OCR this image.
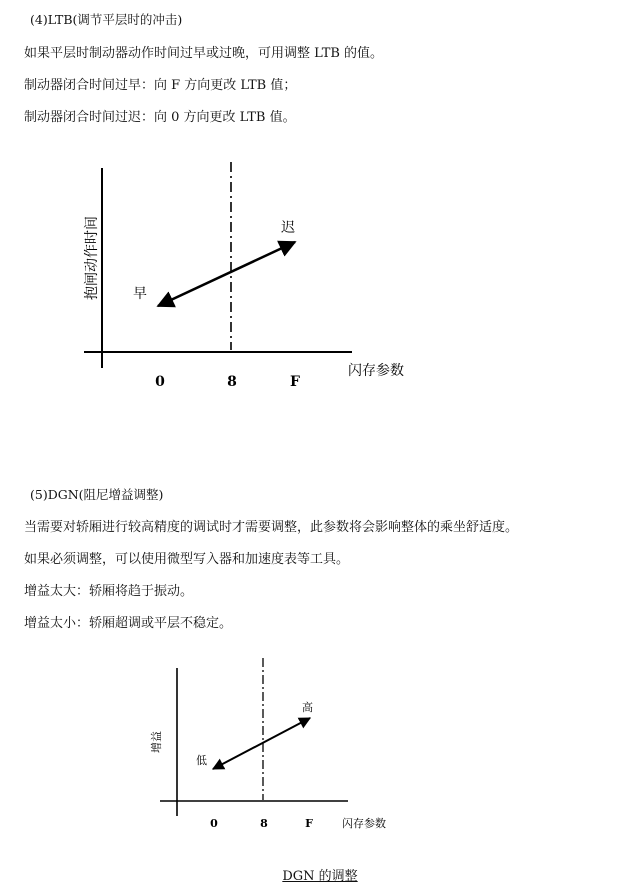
(4)LTB(调节平层时的冲击)
如果平层时制动器动作时间过早或过晚，可用调整 LTB 的值。
制动器闭合时间过早：向 F 方向更改 LTB 值；
制动器闭合时间过迟：向 0 方向更改 LTB 值。
抱闸动作时间
闪存参数
0	8	F
早
迟
增益
闪存参数
0	8	F
低
高
(5)DGN(阻尼增益调整)
当需要对轿厢进行较高精度的调试时才需要调整，此参数将会影响整体的乘坐舒适度。
如果必须调整，可以使用微型写入器和加速度表等工具。
增益太大：轿厢将趋于振动。
增益太小：轿厢超调或平层不稳定。
DGN 的调整
